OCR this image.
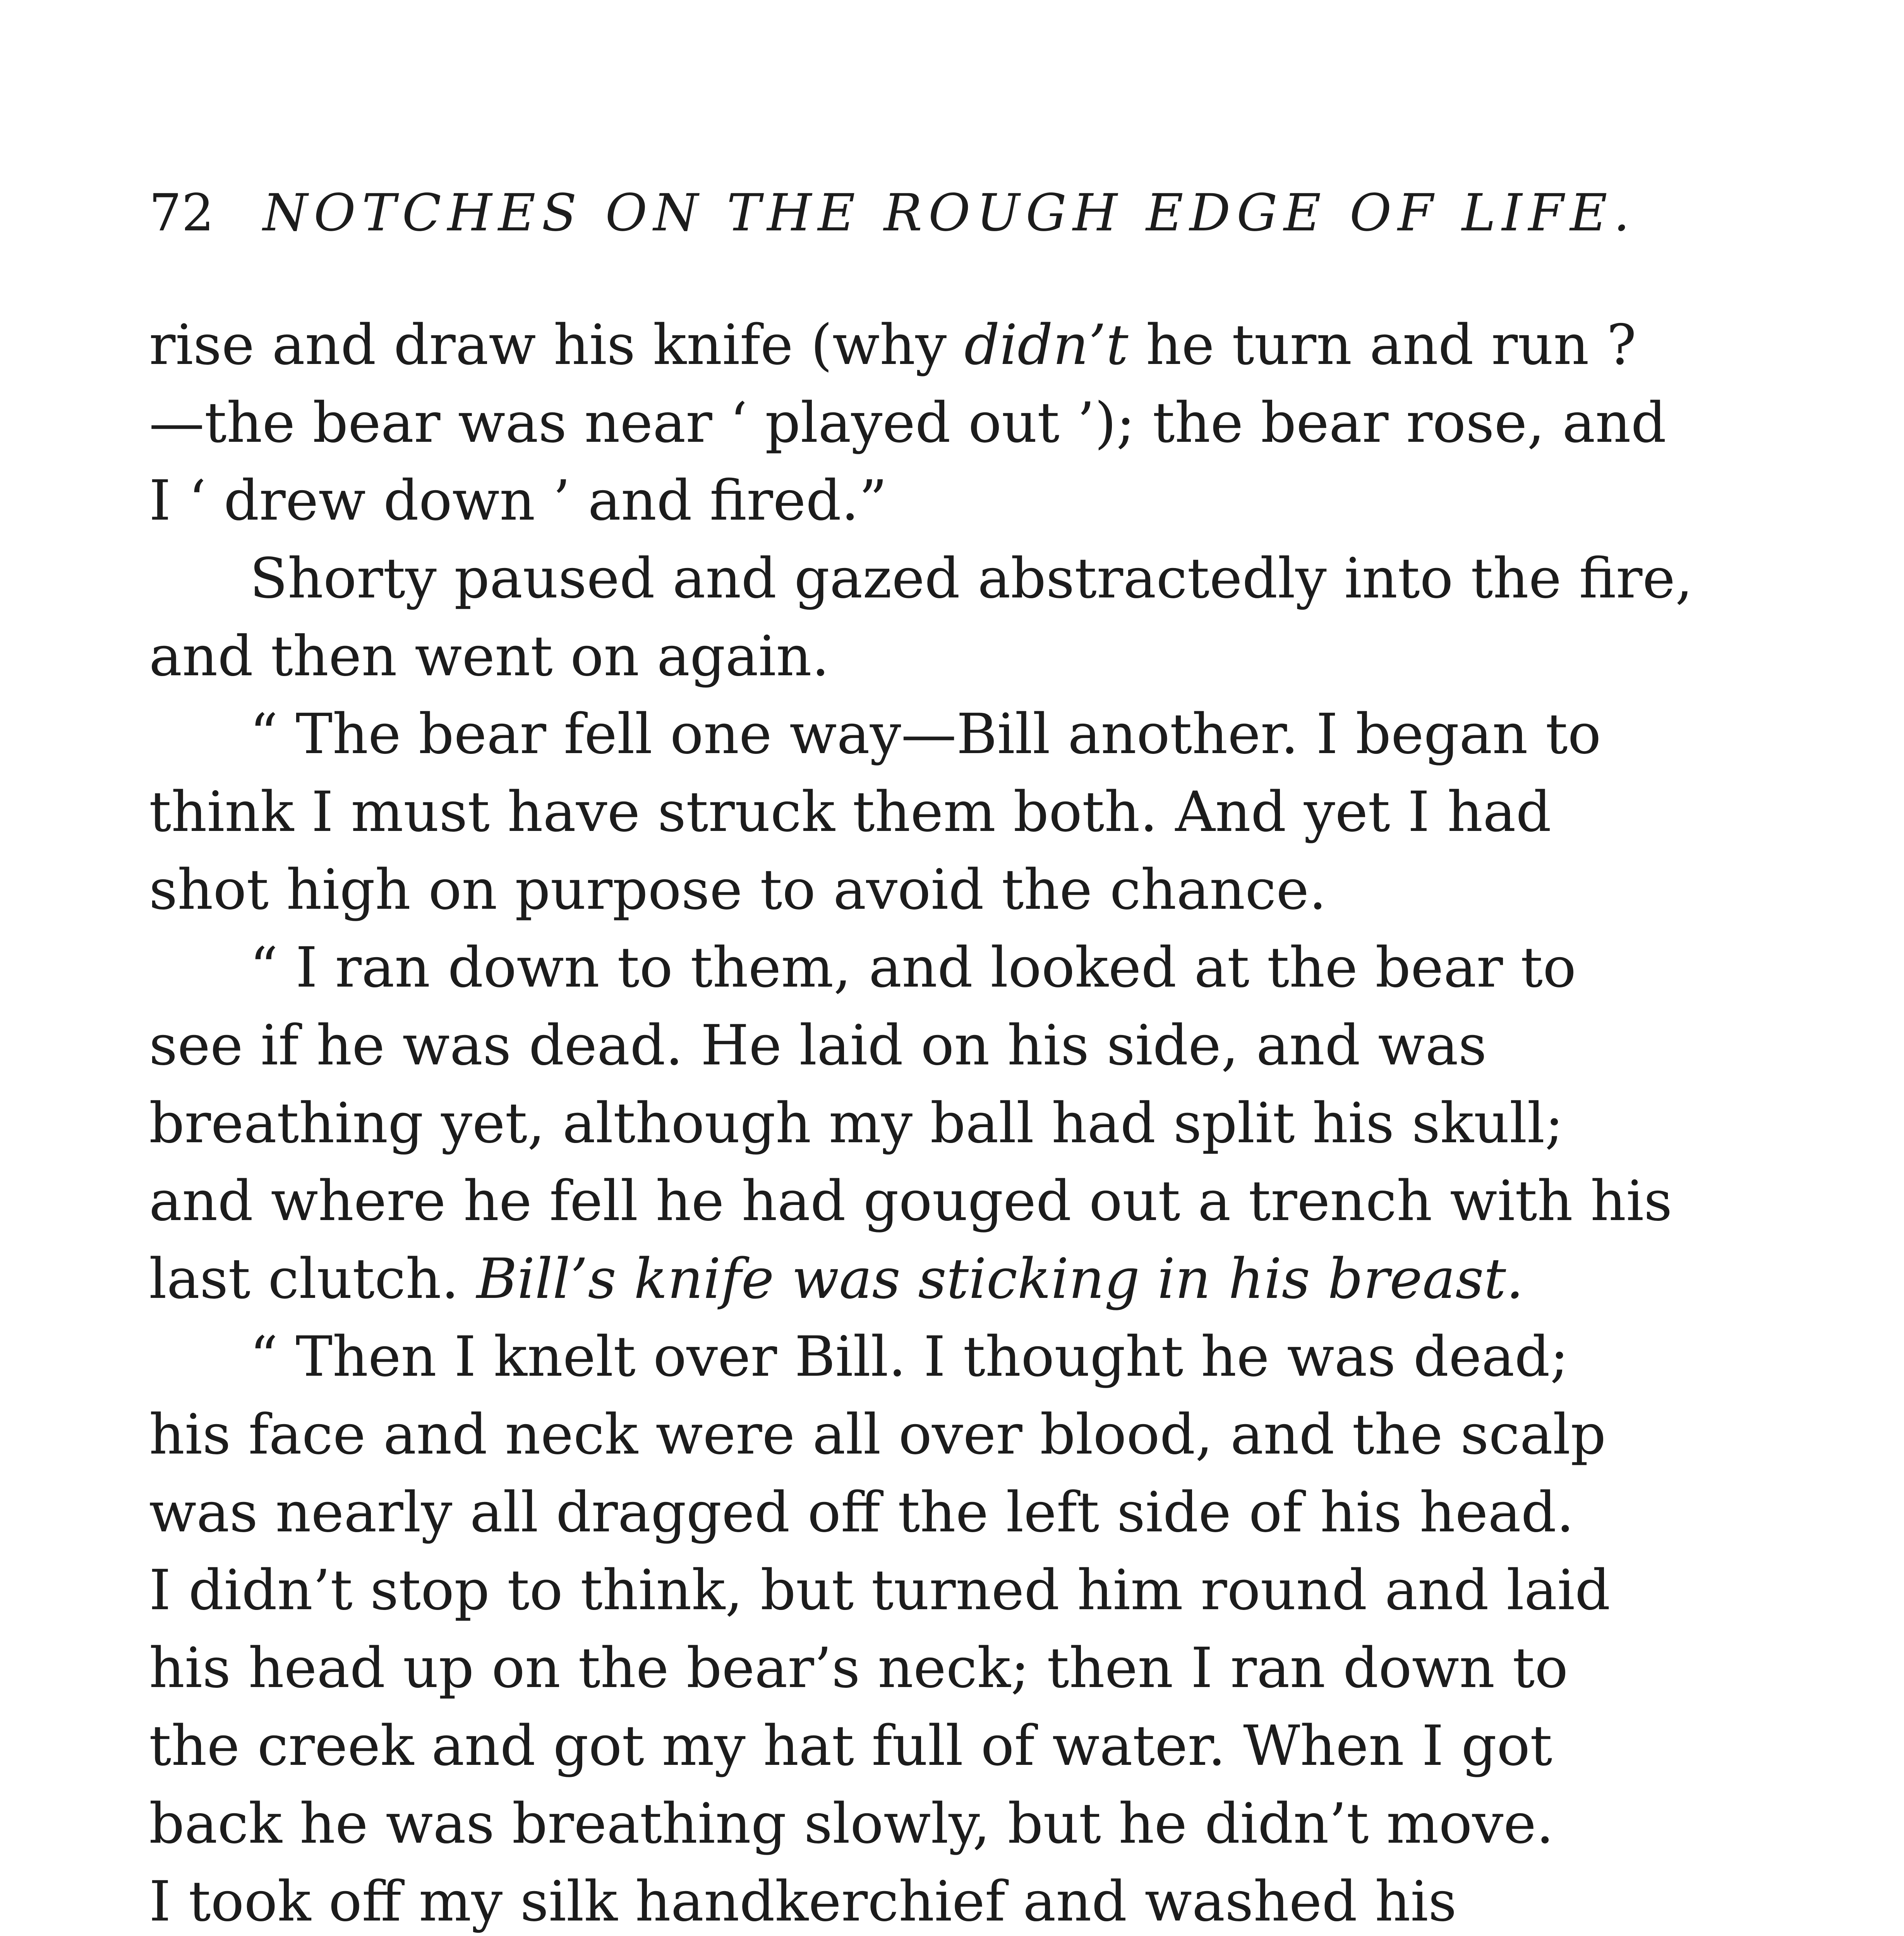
72 NOTCHES ON THE ROUGH EDGE OF LIFE.

rise and draw his knife (why didn’t he turn and run ?
—the bear was near ‘ played out ’); the bear rose, and
I ‘ drew down ’ and fired.”

Shorty paused and gazed abstractedly into the fire,
and then went on again.

“ The bear fell one way—Bill another. I began to
think I must have struck them both. And yet I had
shot high on purpose to avoid the chance.

“ I ran down to them, and looked at the bear to
see if he was dead. He laid on his side, and was
breathing yet, although my ball had split his skull;
and where he fell he had gouged out a trench with his
last clutch. Bill’s knife was sticking in his breast.

“ Then I knelt over Bill. I thought he was dead;
his face and neck were all over blood, and the scalp
was nearly all dragged off the left side of his head.
I didn’t stop to think, but turned him round and laid
his head up on the bear’s neck; then I ran down to
the creek and got my hat full of water. When I got
back he was breathing slowly, but he didn’t move.
I took off my silk handkerchief and washed his
